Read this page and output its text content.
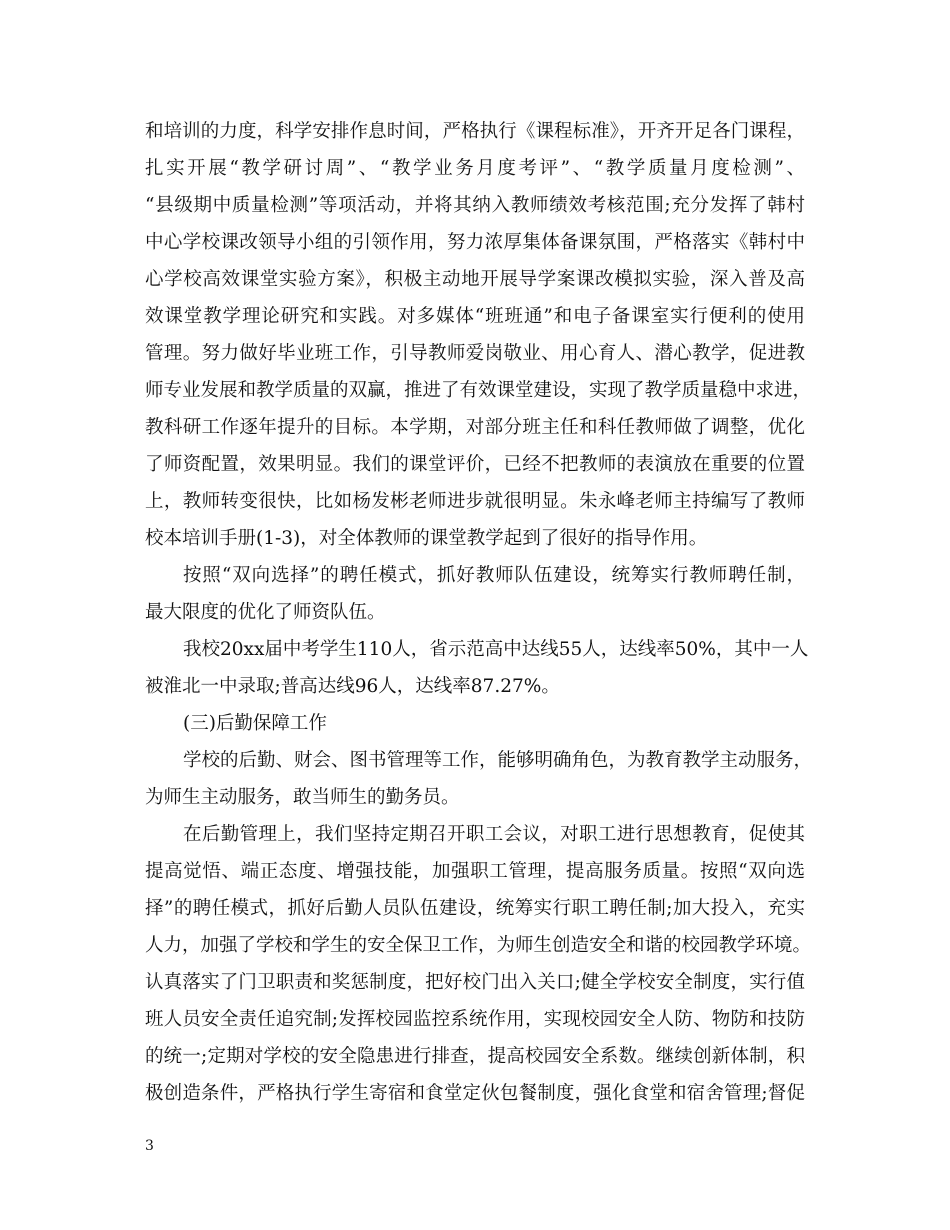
和培训的力度，科学安排作息时间，严格执行《课程标准》，开齐开足各门课程，
扎实开展“教学研讨周”、“教学业务月度考评”、“教学质量月度检测”、
“县级期中质量检测”等项活动，并将其纳入教师绩效考核范围;充分发挥了韩村
中心学校课改领导小组的引领作用，努力浓厚集体备课氛围，严格落实《韩村中
心学校高效课堂实验方案》，积极主动地开展导学案课改模拟实验，深入普及高
效课堂教学理论研究和实践。对多媒体“班班通”和电子备课室实行便利的使用
管理。努力做好毕业班工作，引导教师爱岗敬业、用心育人、潜心教学，促进教
师专业发展和教学质量的双赢，推进了有效课堂建设，实现了教学质量稳中求进，
教科研工作逐年提升的目标。本学期，对部分班主任和科任教师做了调整，优化
了师资配置，效果明显。我们的课堂评价，已经不把教师的表演放在重要的位置
上，教师转变很快，比如杨发彬老师进步就很明显。朱永峰老师主持编写了教师
校本培训手册(1-3)，对全体教师的课堂教学起到了很好的指导作用。
按照“双向选择”的聘任模式，抓好教师队伍建设，统筹实行教师聘任制，
最大限度的优化了师资队伍。
我校20xx届中考学生110人，省示范高中达线55人，达线率50%，其中一人
被淮北一中录取;普高达线96人，达线率87.27%。
(三)后勤保障工作
学校的后勤、财会、图书管理等工作，能够明确角色，为教育教学主动服务，
为师生主动服务，敢当师生的勤务员。
在后勤管理上，我们坚持定期召开职工会议，对职工进行思想教育，促使其
提高觉悟、端正态度、增强技能，加强职工管理，提高服务质量。按照“双向选
择”的聘任模式，抓好后勤人员队伍建设，统筹实行职工聘任制;加大投入，充实
人力，加强了学校和学生的安全保卫工作，为师生创造安全和谐的校园教学环境。
认真落实了门卫职责和奖惩制度，把好校门出入关口;健全学校安全制度，实行值
班人员安全责任追究制;发挥校园监控系统作用，实现校园安全人防、物防和技防
的统一;定期对学校的安全隐患进行排查，提高校园安全系数。继续创新体制，积
极创造条件，严格执行学生寄宿和食堂定伙包餐制度，强化食堂和宿舍管理;督促
3
